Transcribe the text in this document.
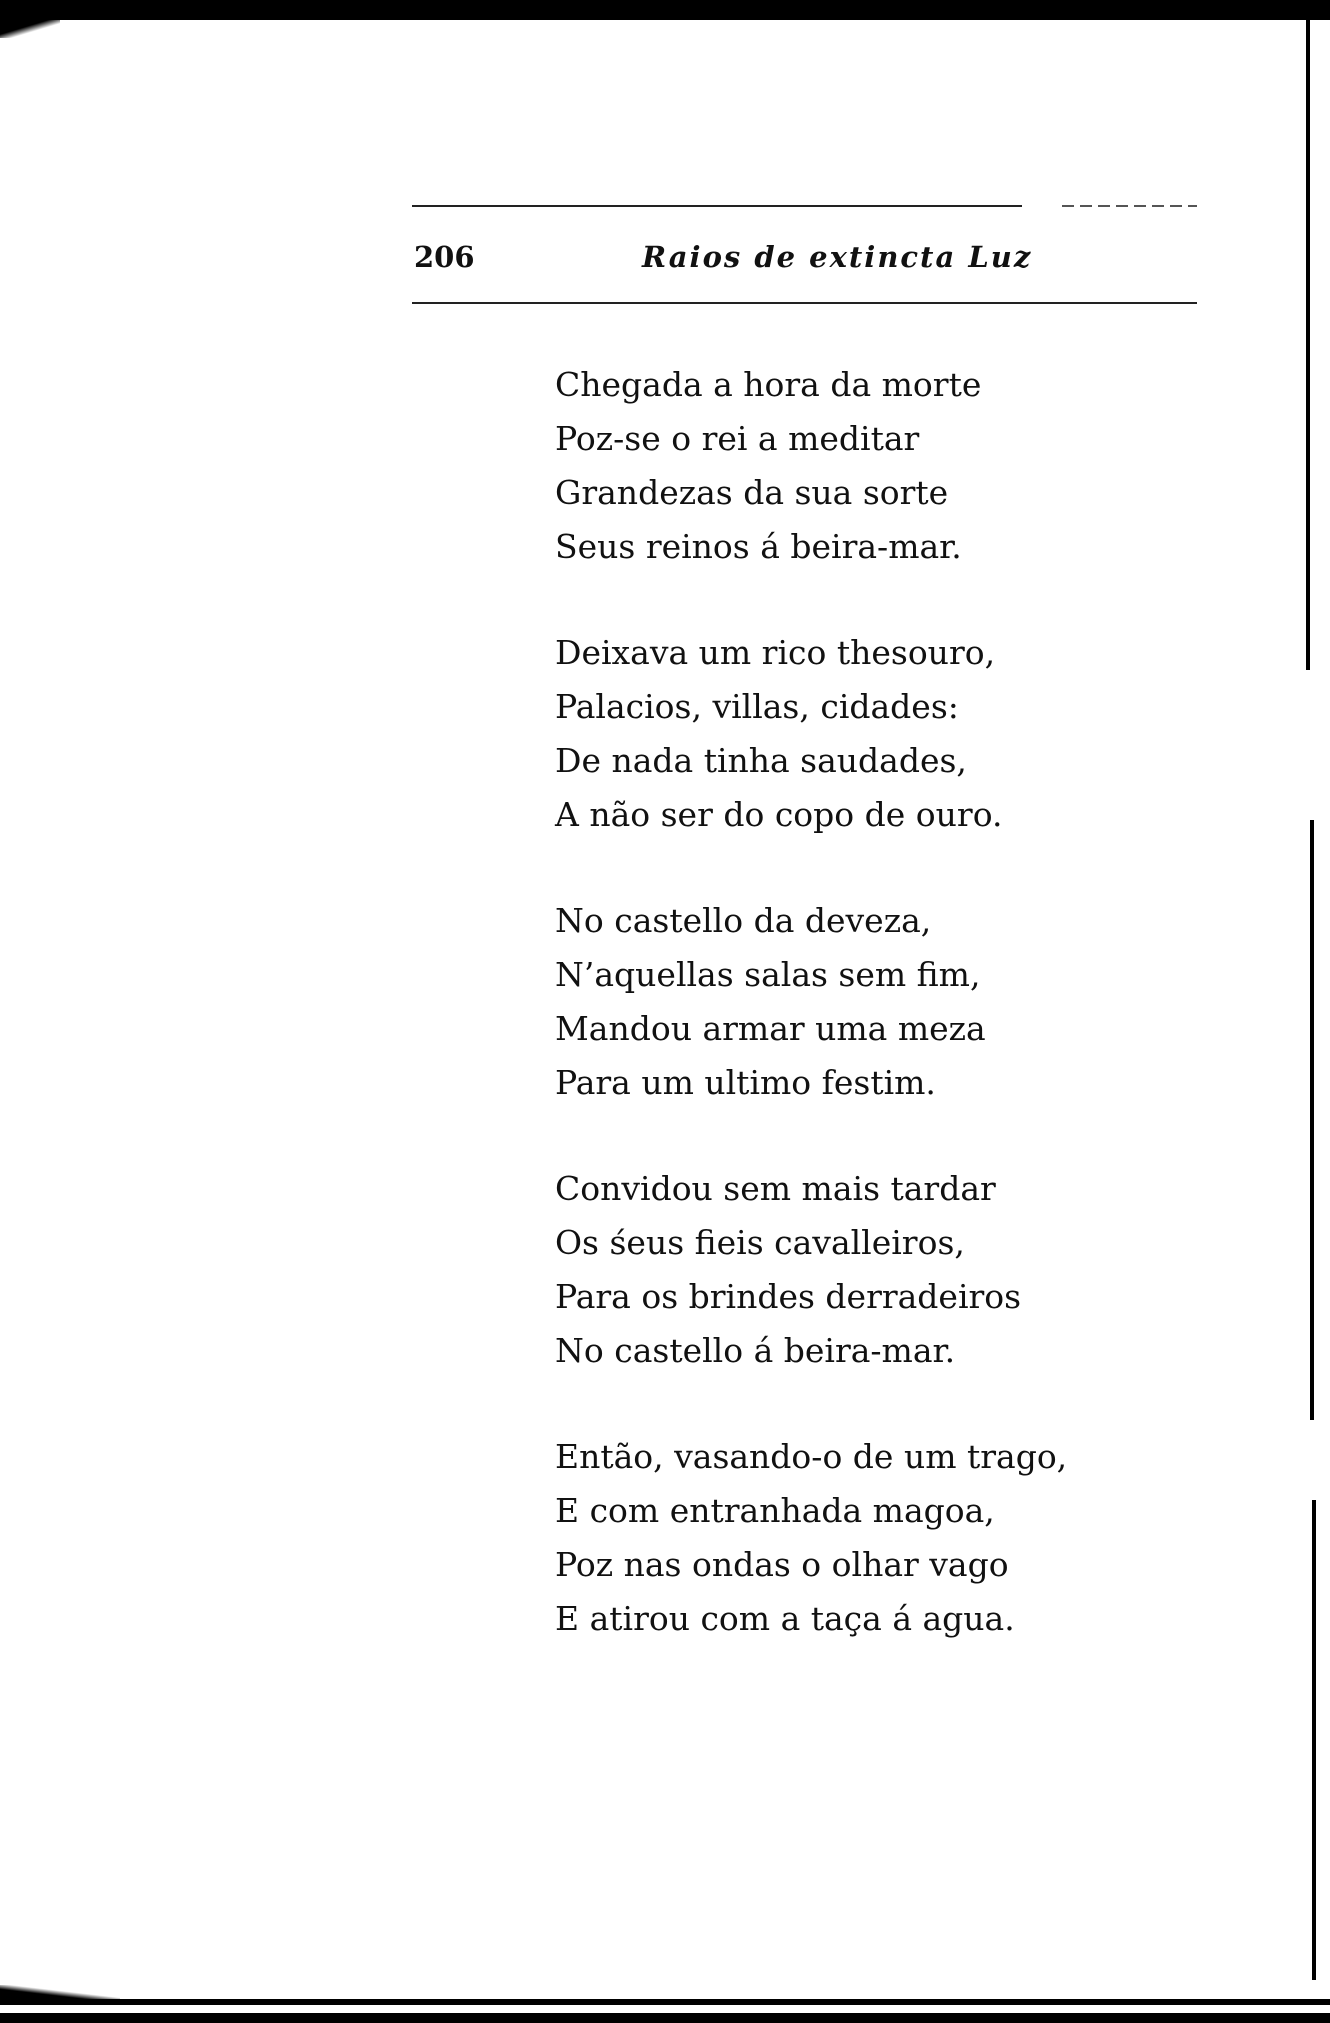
206	Raios de extincta Luz
Chegada a hora da morte
Poz-se o rei a meditar
Grandezas da sua sorte
Seus reinos á beira-mar.
Deixava um rico thesouro,
Palacios, villas, cidades:
De nada tinha saudades,
A não ser do copo de ouro.
No castello da deveza,
N’aquellas salas sem fim,
Mandou armar uma meza
Para um ultimo festim.
Convidou sem mais tardar
Os śeus fieis cavalleiros,
Para os brindes derradeiros
No castello á beira-mar.
Então, vasando-o de um trago,
E com entranhada magoa,
Poz nas ondas o olhar vago
E atirou com a taça á agua.
